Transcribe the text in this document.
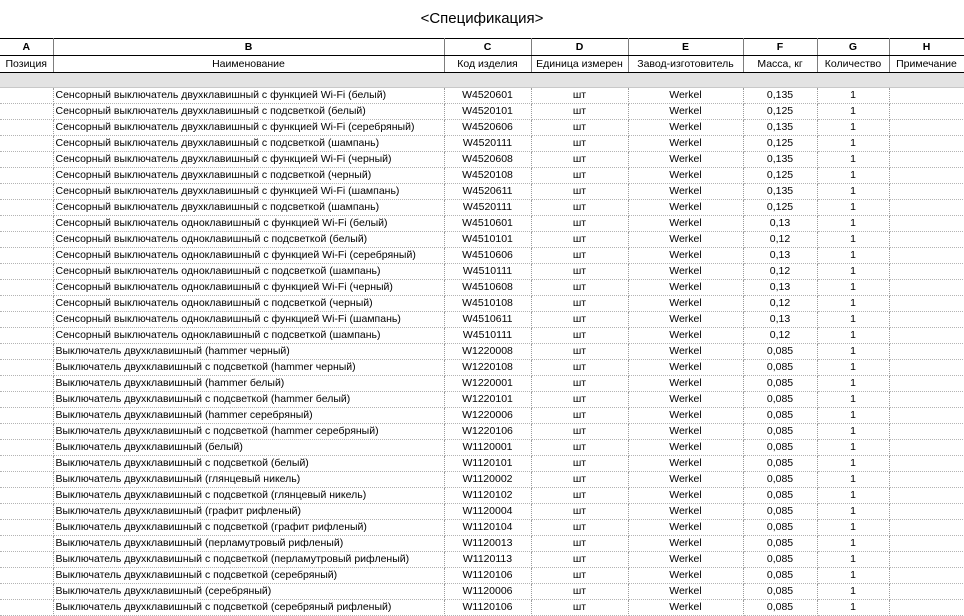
<Спецификация>
A	B	C	D	E	F	G	H
Позиция	Наименование	Код изделия	Единица измерен	Завод-изготовитель	Масса, кг	Количество	Примечание

	Сенсорный выключатель двухклавишный с функцией Wi-Fi (белый)	W4520601	шт	Werkel	0,135	1	
	Сенсорный выключатель двухклавишный с подсветкой (белый)	W4520101	шт	Werkel	0,125	1	
	Сенсорный выключатель двухклавишный с функцией Wi-Fi (серебряный)	W4520606	шт	Werkel	0,135	1	
	Сенсорный выключатель двухклавишный с подсветкой (шампань)	W4520111	шт	Werkel	0,125	1	
	Сенсорный выключатель двухклавишный с функцией Wi-Fi (черный)	W4520608	шт	Werkel	0,135	1	
	Сенсорный выключатель двухклавишный с подсветкой (черный)	W4520108	шт	Werkel	0,125	1	
	Сенсорный выключатель двухклавишный с функцией Wi-Fi (шампань)	W4520611	шт	Werkel	0,135	1	
	Сенсорный выключатель двухклавишный с подсветкой (шампань)	W4520111	шт	Werkel	0,125	1	
	Сенсорный выключатель одноклавишный с функцией Wi-Fi (белый)	W4510601	шт	Werkel	0,13	1	
	Сенсорный выключатель одноклавишный с подсветкой (белый)	W4510101	шт	Werkel	0,12	1	
	Сенсорный выключатель одноклавишный с функцией Wi-Fi (серебряный)	W4510606	шт	Werkel	0,13	1	
	Сенсорный выключатель одноклавишный с подсветкой (шампань)	W4510111	шт	Werkel	0,12	1	
	Сенсорный выключатель одноклавишный с функцией Wi-Fi (черный)	W4510608	шт	Werkel	0,13	1	
	Сенсорный выключатель одноклавишный с подсветкой (черный)	W4510108	шт	Werkel	0,12	1	
	Сенсорный выключатель одноклавишный с функцией Wi-Fi (шампань)	W4510611	шт	Werkel	0,13	1	
	Сенсорный выключатель одноклавишный с подсветкой (шампань)	W4510111	шт	Werkel	0,12	1	
	Выключатель двухклавишный (hammer черный)	W1220008	шт	Werkel	0,085	1	
	Выключатель двухклавишный с подсветкой (hammer черный)	W1220108	шт	Werkel	0,085	1	
	Выключатель двухклавишный (hammer белый)	W1220001	шт	Werkel	0,085	1	
	Выключатель двухклавишный с подсветкой (hammer белый)	W1220101	шт	Werkel	0,085	1	
	Выключатель двухклавишный (hammer серебряный)	W1220006	шт	Werkel	0,085	1	
	Выключатель двухклавишный с подсветкой (hammer серебряный)	W1220106	шт	Werkel	0,085	1	
	Выключатель двухклавишный (белый)	W1120001	шт	Werkel	0,085	1	
	Выключатель двухклавишный с подсветкой (белый)	W1120101	шт	Werkel	0,085	1	
	Выключатель двухклавишный (глянцевый никель)	W1120002	шт	Werkel	0,085	1	
	Выключатель двухклавишный с подсветкой (глянцевый никель)	W1120102	шт	Werkel	0,085	1	
	Выключатель двухклавишный (графит рифленый)	W1120004	шт	Werkel	0,085	1	
	Выключатель двухклавишный с подсветкой (графит рифленый)	W1120104	шт	Werkel	0,085	1	
	Выключатель двухклавишный (перламутровый рифленый)	W1120013	шт	Werkel	0,085	1	
	Выключатель двухклавишный с подсветкой (перламутровый рифленый)	W1120113	шт	Werkel	0,085	1	
	Выключатель двухклавишный с подсветкой (серебряный)	W1120106	шт	Werkel	0,085	1	
	Выключатель двухклавишный (серебряный)	W1120006	шт	Werkel	0,085	1	
	Выключатель двухклавишный с подсветкой (серебряный рифленый)	W1120106	шт	Werkel	0,085	1	
